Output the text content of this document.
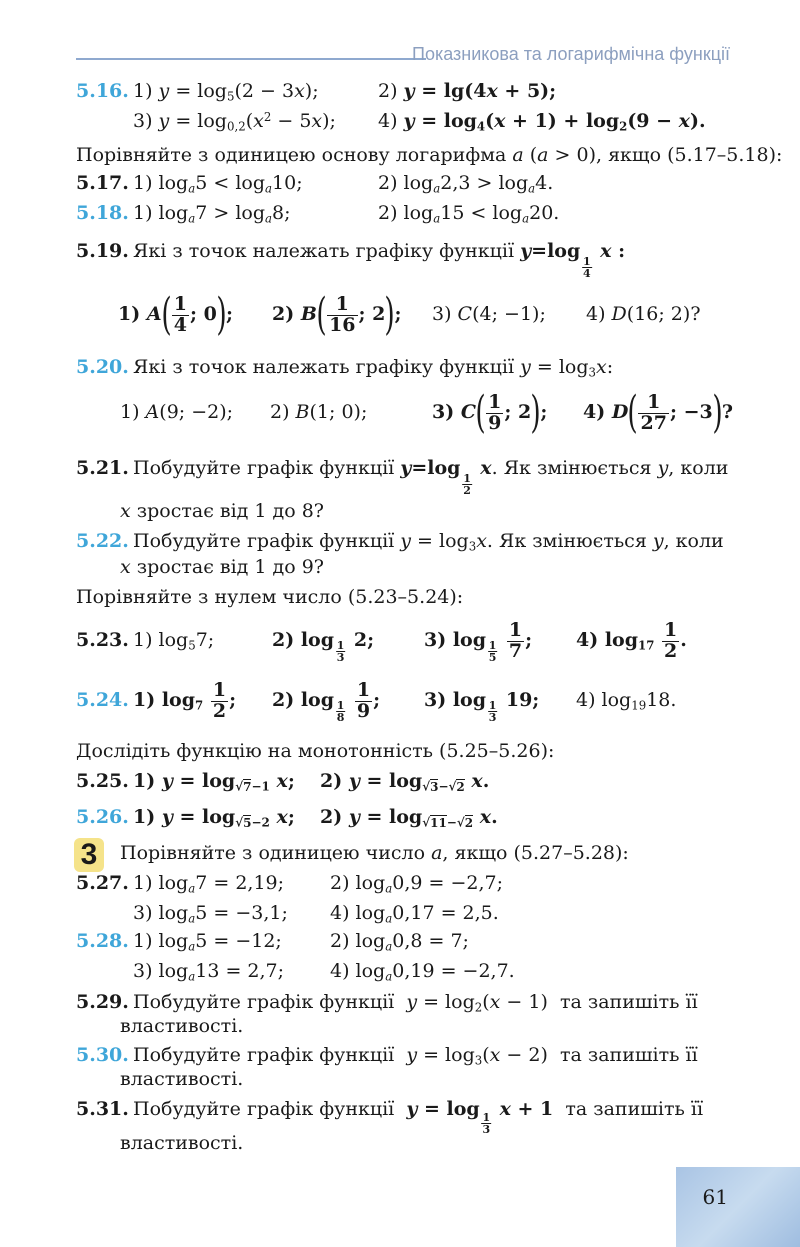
Показникова та логарифмічна функції
5.16. 1) $y = \log_5(2 - 3x)$;	2) y = lg(4x + 5);
3) $y = \log_{0,2}(x^2 - 5x)$; 4) $y = \log_4(x + 1) + \log_2(9 - x)$.
Порівняйте з одиницею основу логарифма a (a > 0), якщо (5.17–5.18):
5.17. 1) $\log_a5 < \log_a10$;	2) $\log_a2,3 > \log_a4$.
5.18. 1) $\log_a7 > \log_a8$;	2) $\log_a15 < \log_a20$.
5.19. Які з точок належать графіку функції y=log 1
4
x :
1) $A( \frac{1}{4}$ ; 0); 2) $B( \frac{1}{16}$ ; 2); 3) C(4; −1); 4) D(16; 2)?
5.20. Які з точок належать графіку функції $y = \log_3x$:
1) A(9; −2); 2) B(1; 0);	3) $C( \frac{1}{9}$ ; 2); 4) $D( \frac{1}{27}$ ; −3)?
5.21. Побудуйте графік функції y=log 1
2
x. Як змінюється y, коли
x зростає від 1 до 8?
5.22. Побудуйте графік функції $y = \log_3x$. Як змінюється y, коли
x зростає від 1 до 9?
Порівняйте з нулем число (5.23–5.24):
5.23. 1) $\log_57$;	2) log 1
3
2;	3) log 1
5
$\frac{1}{7}$ ; 4) $\log_{17} \frac{1}{2}$ .
5.24. 1) $\log_7 \frac{1}{2}$ ; 2) log 1
8
$\frac{1}{9}$ ; 3) log 1
3
19; 4) $\log_{19}18$.
Дослідіть функцію на монотонність (5.25–5.26):
5.25. 1) $y = \log_{√7-1} x$; 2) $y = \log_{√3-√2} x$.
5.26. 1) $y = \log_{√5-2} x$; 2) $y = \log_{√11-√2} x$.
3	Порівняйте з одиницею число a, якщо (5.27–5.28):
5.27. 1) $\log_a7 = 2,19$; 2) $\log_a0,9 = -2,7$;
3) $\log_a5 = -3,1$; 4) $\log_a0,17 = 2,5$.
5.28. 1) $\log_a5 = -12$;	2) $\log_a0,8 = 7$;
3) $\log_a13 = 2,7$; 4) $\log_a0,19 = -2,7$.
5.29. Побудуйте графік функції $y = \log_2(x - 1)$  та запишіть її
властивості.
5.30. Побудуйте графік функції $y = \log_3(x - 2)$  та запишіть її
властивості.
5.31. Побудуйте графік функції y = log 1
3
x + 1 та запишіть її
властивості.
61
